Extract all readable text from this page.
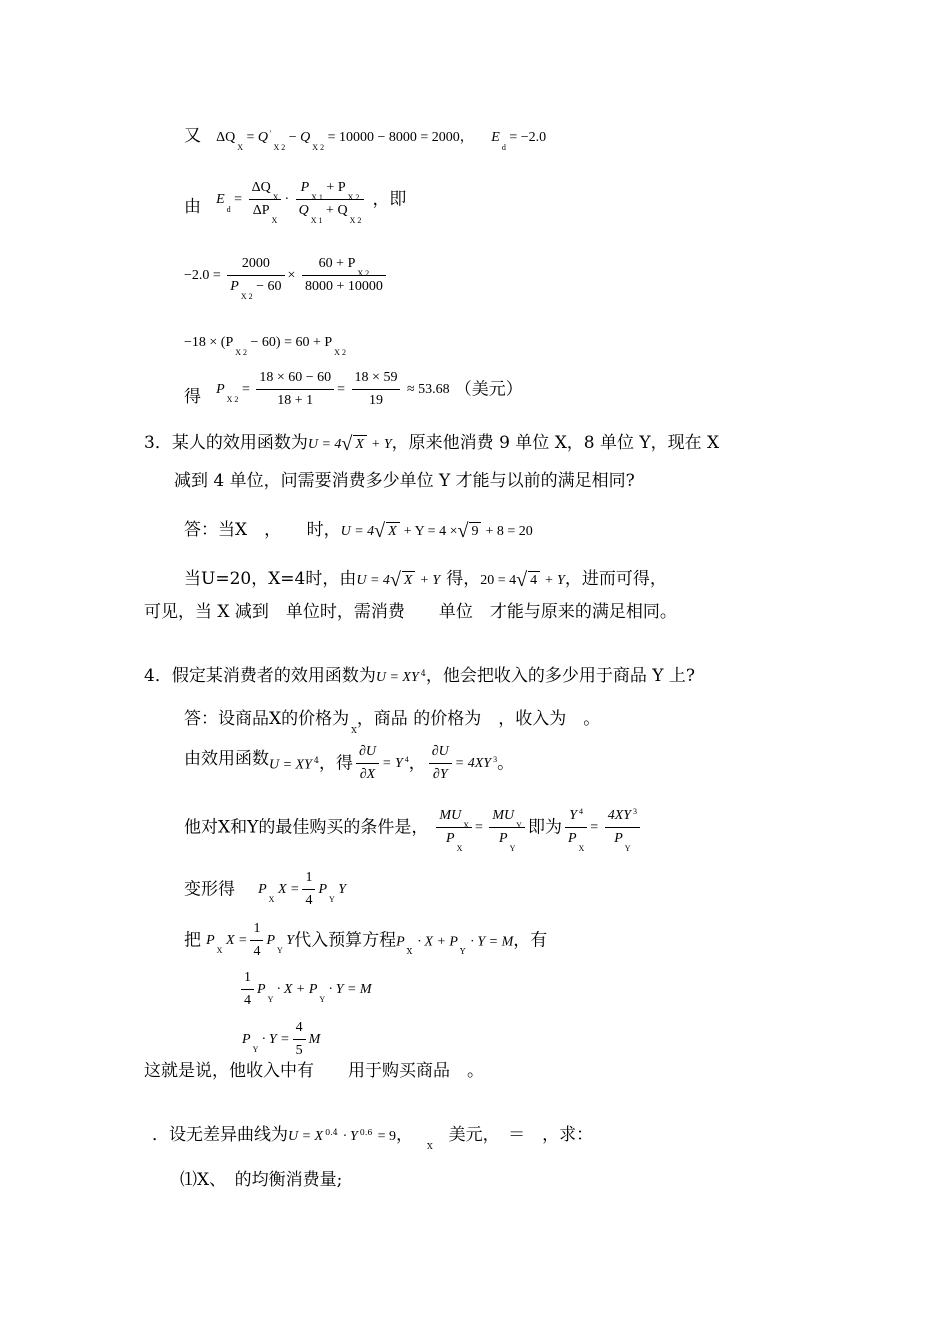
又 $\Delta Q_X = Q$ $'_{X 2} - Q_{X 2} = 10000 - 8000 = 2000$， $E_d = -2.0$
由 $E_d = \frac{\Delta Q_X}{\Delta P_X} \cdot \frac{P_{X 1} + P_{X 2}}{Q_{X 1} + Q_{X 2}}$ ，即
$-2.0 = \frac{2000}{P_{X 2} - 60} \times \frac{60 + P_{X 2}}{8000 + 10000}$
$-18 \times (P_{X 2} - 60) = 60 + P_{X 2}$
得 $P_{X 2} = \frac{18 \times 60 - 60}{18 + 1} = \frac{18 \times 59}{19} \approx 53.68$ （美元）
3．某人的效用函数为U = 4√ X + Y，原来他消费 9 单位 X，8 单位 Y，现在 X
减到 4 单位，问需要消费多少单位 Y 才能与以前的满足相同?
答：当X　，　　时，U = 4√ X + Y = 4 ×√ 9 + 8 = 20
当U=20，X=4时，由U = 4√ X + Y 得，20 = 4√ 4 + Y，进而可得，
可见，当 X 减到　单位时，需消费　　单位　才能与原来的满足相同。
4．假定某消费者的效用函数为U = XY $^4$，他会把收入的多少用于商品 Y 上?
答：设商品X的价格为$_X$，商品 的价格为　，收入为　。
由效用函数U = XY $^4$，得 $\frac{\partial U}{\partial X} = Y$ $^4$， $\frac{\partial U}{\partial Y} = 4XY$ $^3$。
他对X和Y的最佳购买的条件是， $\frac{MU_X}{P_X} = \frac{MU_Y}{P_Y}$ 即为 $\frac{Y ^4}{P_X} = \frac{4XY ^3}{P_Y}$
变形得 $P_X$ $X = \frac{1}{4} P_Y$ Y
把 $P_X$ $X = \frac{1}{4} P_Y$ Y代入预算方程$P_X \cdot X + P_Y \cdot Y = M$，有
$\frac{1}{4} P_Y \cdot X + P_Y \cdot Y = M$
$P_Y \cdot Y = \frac{4}{5}$ M
这就是说，他收入中有　　用于购买商品　。
．设无差异曲线为U = X $^{0.4}$ · Y $^{0.6}$ = 9，$_X$美元，　＝　，求：
⑴X、　的均衡消费量;
